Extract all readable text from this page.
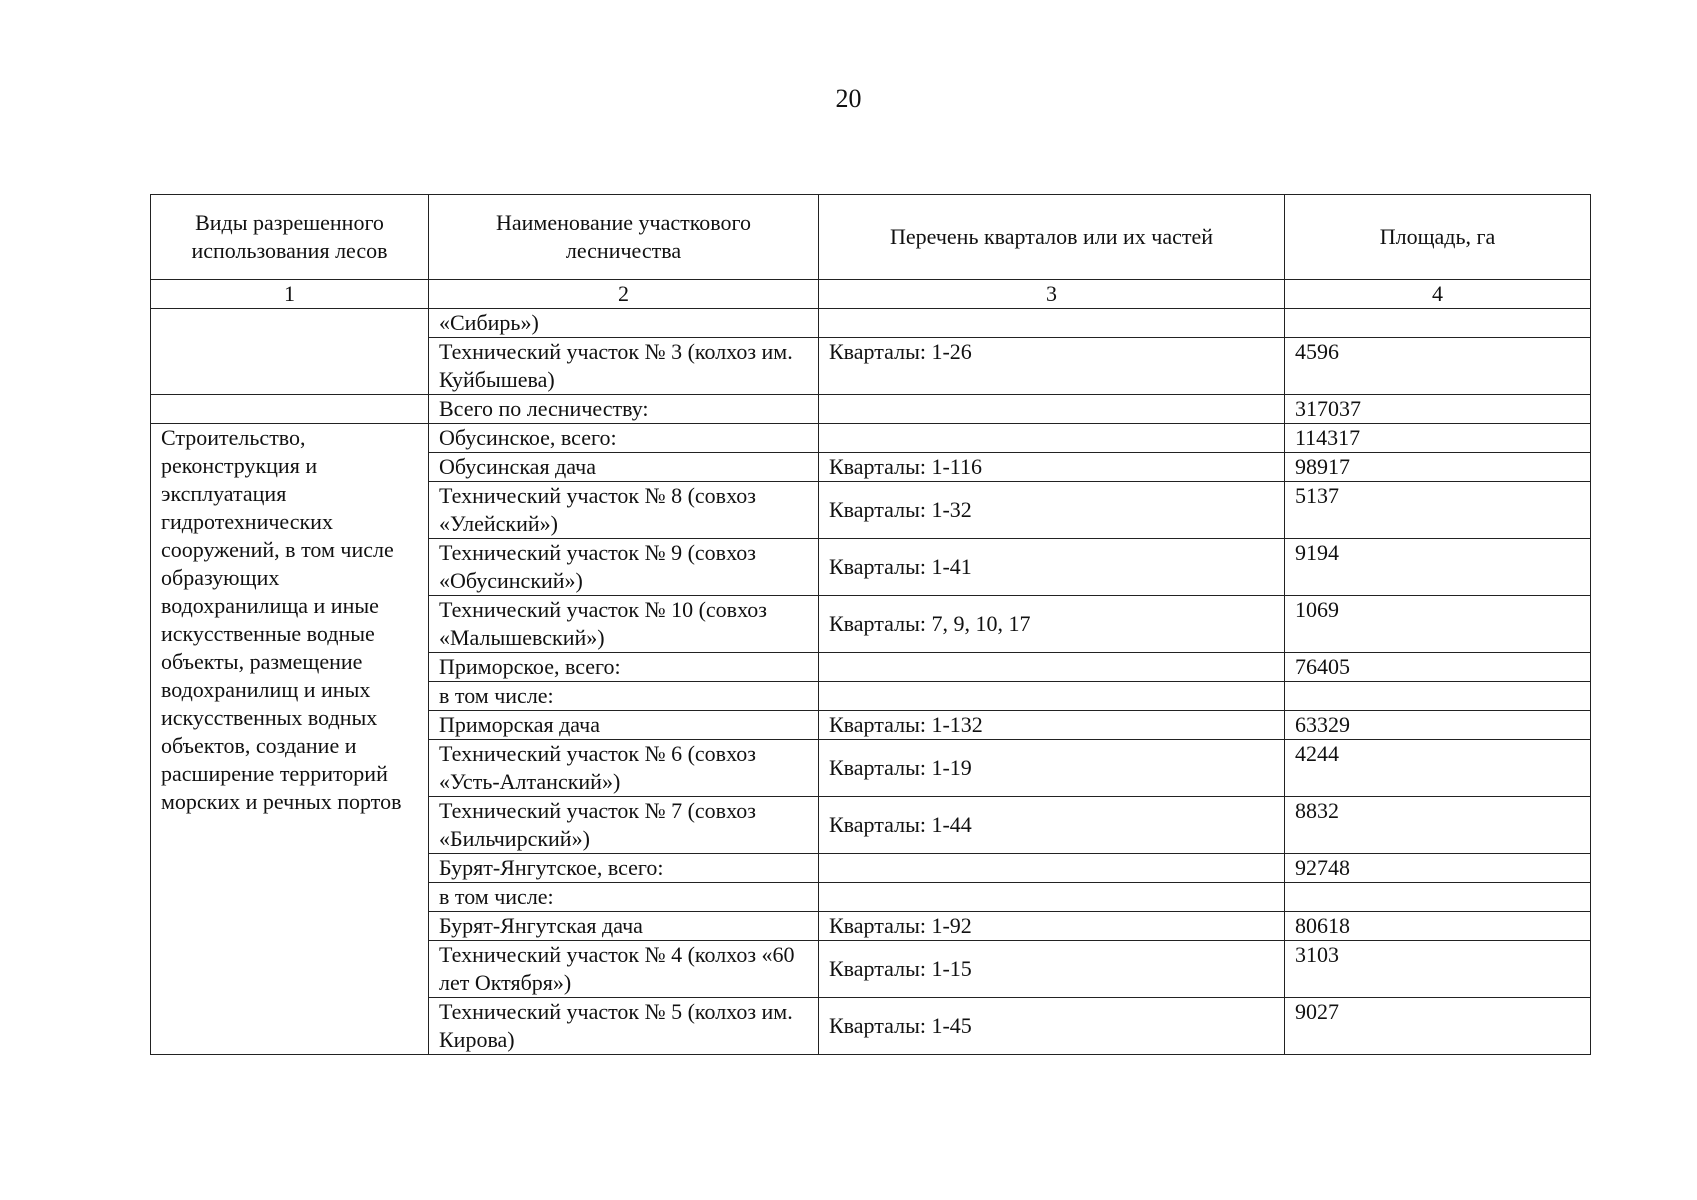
20
Виды разрешенного использования лесов	Наименование участкового лесничества	Перечень кварталов или их частей	Площадь, га
1	2	3	4
	«Сибирь»)		
	Технический участок № 3 (колхоз им. Куйбышева)	Кварталы: 1-26	4596
	Всего по лесничеству:		317037
Строительство, реконструкция и эксплуатация гидротехнических сооружений, в том числе образующих водохранилища и иные искусственные водные объекты, размещение водохранилищ и иных искусственных водных объектов, создание и расширение территорий морских и речных портов	Обусинское, всего:		114317
	Обусинская дача	Кварталы: 1-116	98917
	Технический участок № 8 (совхоз «Улейский»)	Кварталы: 1-32	5137
	Технический участок № 9 (совхоз «Обусинский»)	Кварталы: 1-41	9194
	Технический участок № 10 (совхоз «Малышевский»)	Кварталы: 7, 9, 10, 17	1069
	Приморское, всего:		76405
	в том числе:		
	Приморская дача	Кварталы: 1-132	63329
	Технический участок № 6 (совхоз «Усть-Алтанский»)	Кварталы: 1-19	4244
	Технический участок № 7 (совхоз «Бильчирский»)	Кварталы: 1-44	8832
	Бурят-Янгутское, всего:		92748
	в том числе:		
	Бурят-Янгутская дача	Кварталы: 1-92	80618
	Технический участок № 4 (колхоз «60 лет Октября»)	Кварталы: 1-15	3103
	Технический участок № 5 (колхоз им. Кирова)	Кварталы: 1-45	9027
